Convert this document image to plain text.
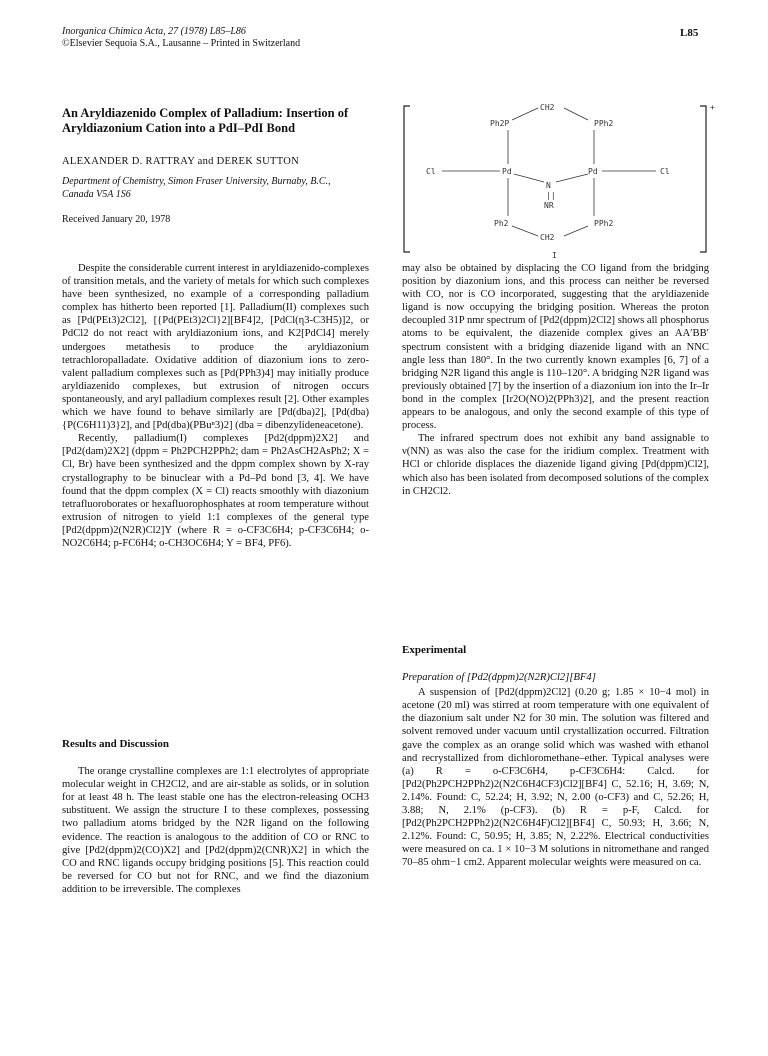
Inorganica Chimica Acta, 27 (1978) L85–L86
©Elsevier Sequoia S.A., Lausanne – Printed in Switzerland
L85
An Aryldiazenido Complex of Palladium: Insertion of Aryldiazonium Cation into a PdI–PdI Bond
ALEXANDER D. RATTRAY and DEREK SUTTON
Department of Chemistry, Simon Fraser University, Burnaby, B.C., Canada V5A 1S6
Received January 20, 1978
+
CH2
Ph2P	PPh2
Cl	Pd	Pd	Cl
N
||
NR
Ph2	PPh2
CH2
I

Despite the considerable current interest in aryldiazenido-complexes of transition metals, and the variety of metals for which such complexes have been synthesized, no example of a corresponding palladium complex has hitherto been reported [1]. Palladium(II) complexes such as [Pd(PEt3)2Cl2], [{Pd(PEt3)2Cl}2][BF4]2, [PdCl(η3-C3H5)]2, or PdCl2 do not react with aryldiazonium ions, and K2[PdCl4] merely undergoes metathesis to produce the aryldiazonium tetrachloropalladate. Oxidative addition of diazonium ions to zero-valent palladium complexes such as [Pd(PPh3)4] may initially produce aryldiazenido complexes, but extrusion of nitrogen occurs spontaneously, and aryl palladium complexes result [2]. Other examples which we have found to behave similarly are [Pd(dba)2], [Pd(dba){P(C6H11)3}2], and [Pd(dba)(PBuⁿ3)2] (dba = dibenzylideneacetone).

Recently, palladium(I) complexes [Pd2(dppm)2X2] and [Pd2(dam)2X2] (dppm = Ph2PCH2PPh2; dam = Ph2AsCH2AsPh2; X = Cl, Br) have been synthesized and the dppm complex shown by X-ray crystallography to be binuclear with a Pd–Pd bond [3, 4]. We have found that the dppm complex (X = Cl) reacts smoothly with diazonium tetrafluoroborates or hexafluorophosphates at room temperature without extrusion of nitrogen to yield 1:1 complexes of the general type [Pd2(dppm)2(N2R)Cl2]Y (where R = o-CF3C6H4; p-CF3C6H4; o-NO2C6H4; p-FC6H4; o-CH3OC6H4; Y = BF4, PF6).

Results and Discussion

The orange crystalline complexes are 1:1 electrolytes of appropriate molecular weight in CH2Cl2, and are air-stable as solids, or in solution for at least 48 h. The least stable one has the electron-releasing OCH3 substituent. We assign the structure I to these complexes, possessing two palladium atoms bridged by the N2R ligand on the following evidence. The reaction is analogous to the addition of CO or RNC to give [Pd2(dppm)2(CO)X2] and [Pd2(dppm)2(CNR)X2] in which the CO and RNC ligands occupy bridging positions [5]. This reaction could be reversed for CO but not for RNC, and we find the diazonium addition to be irreversible. The complexes

may also be obtained by displacing the CO ligand from the bridging position by diazonium ions, and this process can neither be reversed with CO, nor is CO incorporated, suggesting that the aryldiazenide ligand is now occupying the bridging position. Whereas the proton decoupled 31P nmr spectrum of [Pd2(dppm)2Cl2] shows all phosphorus atoms to be equivalent, the diazenide complex gives an AA′BB′ spectrum consistent with a bridging diazenide ligand with an NNC angle less than 180°. In the two currently known examples [6, 7] of a bridging N2R ligand this angle is 110–120°. A bridging N2R ligand was previously obtained [7] by the insertion of a diazonium ion into the Ir–Ir bond in the complex [Ir2O(NO)2(PPh3)2], and the present reaction appears to be analogous, and only the second example of this type of process.

The infrared spectrum does not exhibit any band assignable to ν(NN) as was also the case for the iridium complex. Treatment with HCl or chloride displaces the diazenide ligand giving [Pd(dppm)Cl2], which also has been isolated from decomposed solutions of the complex in CH2Cl2.

Experimental

Preparation of [Pd2(dppm)2(N2R)Cl2][BF4]

A suspension of [Pd2(dppm)2Cl2] (0.20 g; 1.85 × 10−4 mol) in acetone (20 ml) was stirred at room temperature with one equivalent of the diazonium salt under N2 for 30 min. The solution was filtered and solvent removed under vacuum until crystallization occurred. Filtration gave the complex as an orange solid which was washed with ethanol and recrystallized from dichloromethane–ether. Typical analyses were (a) R = o-CF3C6H4, p-CF3C6H4: Calcd. for [Pd2(Ph2PCH2PPh2)2(N2C6H4CF3)Cl2][BF4] C, 52.16; H, 3.69; N, 2.14%. Found: C, 52.24; H, 3.92; N, 2.00 (o-CF3) and C, 52.26; H, 3.88; N, 2.1% (p-CF3). (b) R = p-F, Calcd. for [Pd2(Ph2PCH2PPh2)2(N2C6H4F)Cl2][BF4] C, 50.93; H, 3.66; N, 2.12%. Found: C, 50.95; H, 3.85; N, 2.22%. Electrical conductivities were measured on ca. 1 × 10−3 M solutions in nitromethane and ranged 70–85 ohm−1 cm2. Apparent molecular weights were measured on ca.
